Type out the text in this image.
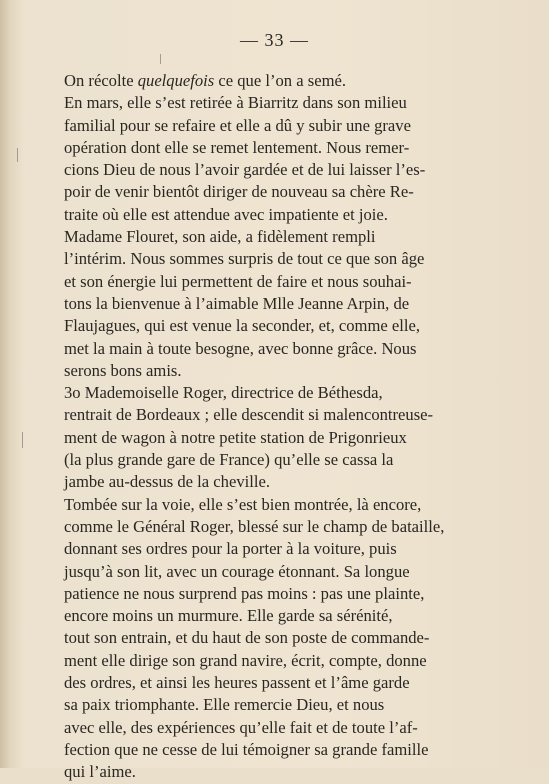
— 33 —

On récolte quelquefois ce que l’on a semé.

En mars, elle s’est retirée à Biarritz dans son milieu
familial pour se refaire et elle a dû y subir une grave
opération dont elle se remet lentement. Nous remer-
cions Dieu de nous l’avoir gardée et de lui laisser l’es-
poir de venir bientôt diriger de nouveau sa chère Re-
traite où elle est attendue avec impatiente et joie.

Madame Flouret, son aide, a fidèlement rempli
l’intérim. Nous sommes surpris de tout ce que son âge
et son énergie lui permettent de faire et nous souhai-
tons la bienvenue à l’aimable Mlle Jeanne Arpin, de
Flaujagues, qui est venue la seconder, et, comme elle,
met la main à toute besogne, avec bonne grâce. Nous
serons bons amis.

3o Mademoiselle Roger, directrice de Béthesda,
rentrait de Bordeaux ; elle descendit si malencontreuse-
ment de wagon à notre petite station de Prigonrieux
(la plus grande gare de France) qu’elle se cassa la
jambe au-dessus de la cheville.

Tombée sur la voie, elle s’est bien montrée, là encore,
comme le Général Roger, blessé sur le champ de bataille,
donnant ses ordres pour la porter à la voiture, puis
jusqu’à son lit, avec un courage étonnant. Sa longue
patience ne nous surprend pas moins : pas une plainte,
encore moins un murmure. Elle garde sa sérénité,
tout son entrain, et du haut de son poste de commande-
ment elle dirige son grand navire, écrit, compte, donne
des ordres, et ainsi les heures passent et l’âme garde
sa paix triomphante. Elle remercie Dieu, et nous
avec elle, des expériences qu’elle fait et de toute l’af-
fection que ne cesse de lui témoigner sa grande famille
qui l’aime.
